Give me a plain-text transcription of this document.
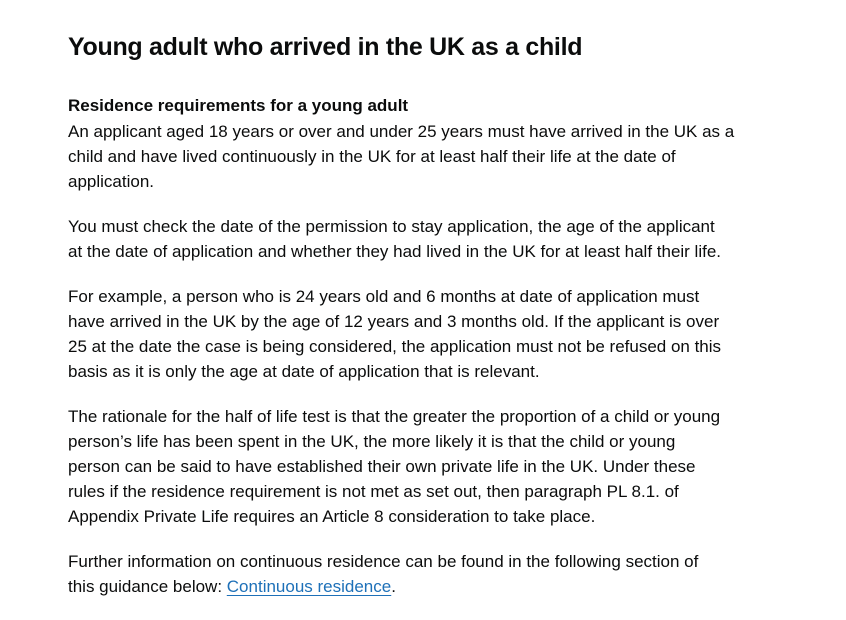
Young adult who arrived in the UK as a child
Residence requirements for a young adult

An applicant aged 18 years or over and under 25 years must have arrived in the UK as a
child and have lived continuously in the UK for at least half their life at the date of
application.

You must check the date of the permission to stay application, the age of the applicant
at the date of application and whether they had lived in the UK for at least half their life.

For example, a person who is 24 years old and 6 months at date of application must
have arrived in the UK by the age of 12 years and 3 months old. If the applicant is over
25 at the date the case is being considered, the application must not be refused on this
basis as it is only the age at date of application that is relevant.

The rationale for the half of life test is that the greater the proportion of a child or young
person’s life has been spent in the UK, the more likely it is that the child or young
person can be said to have established their own private life in the UK. Under these
rules if the residence requirement is not met as set out, then paragraph PL 8.1. of
Appendix Private Life requires an Article 8 consideration to take place.

Further information on continuous residence can be found in the following section of
this guidance below: Continuous residence.
